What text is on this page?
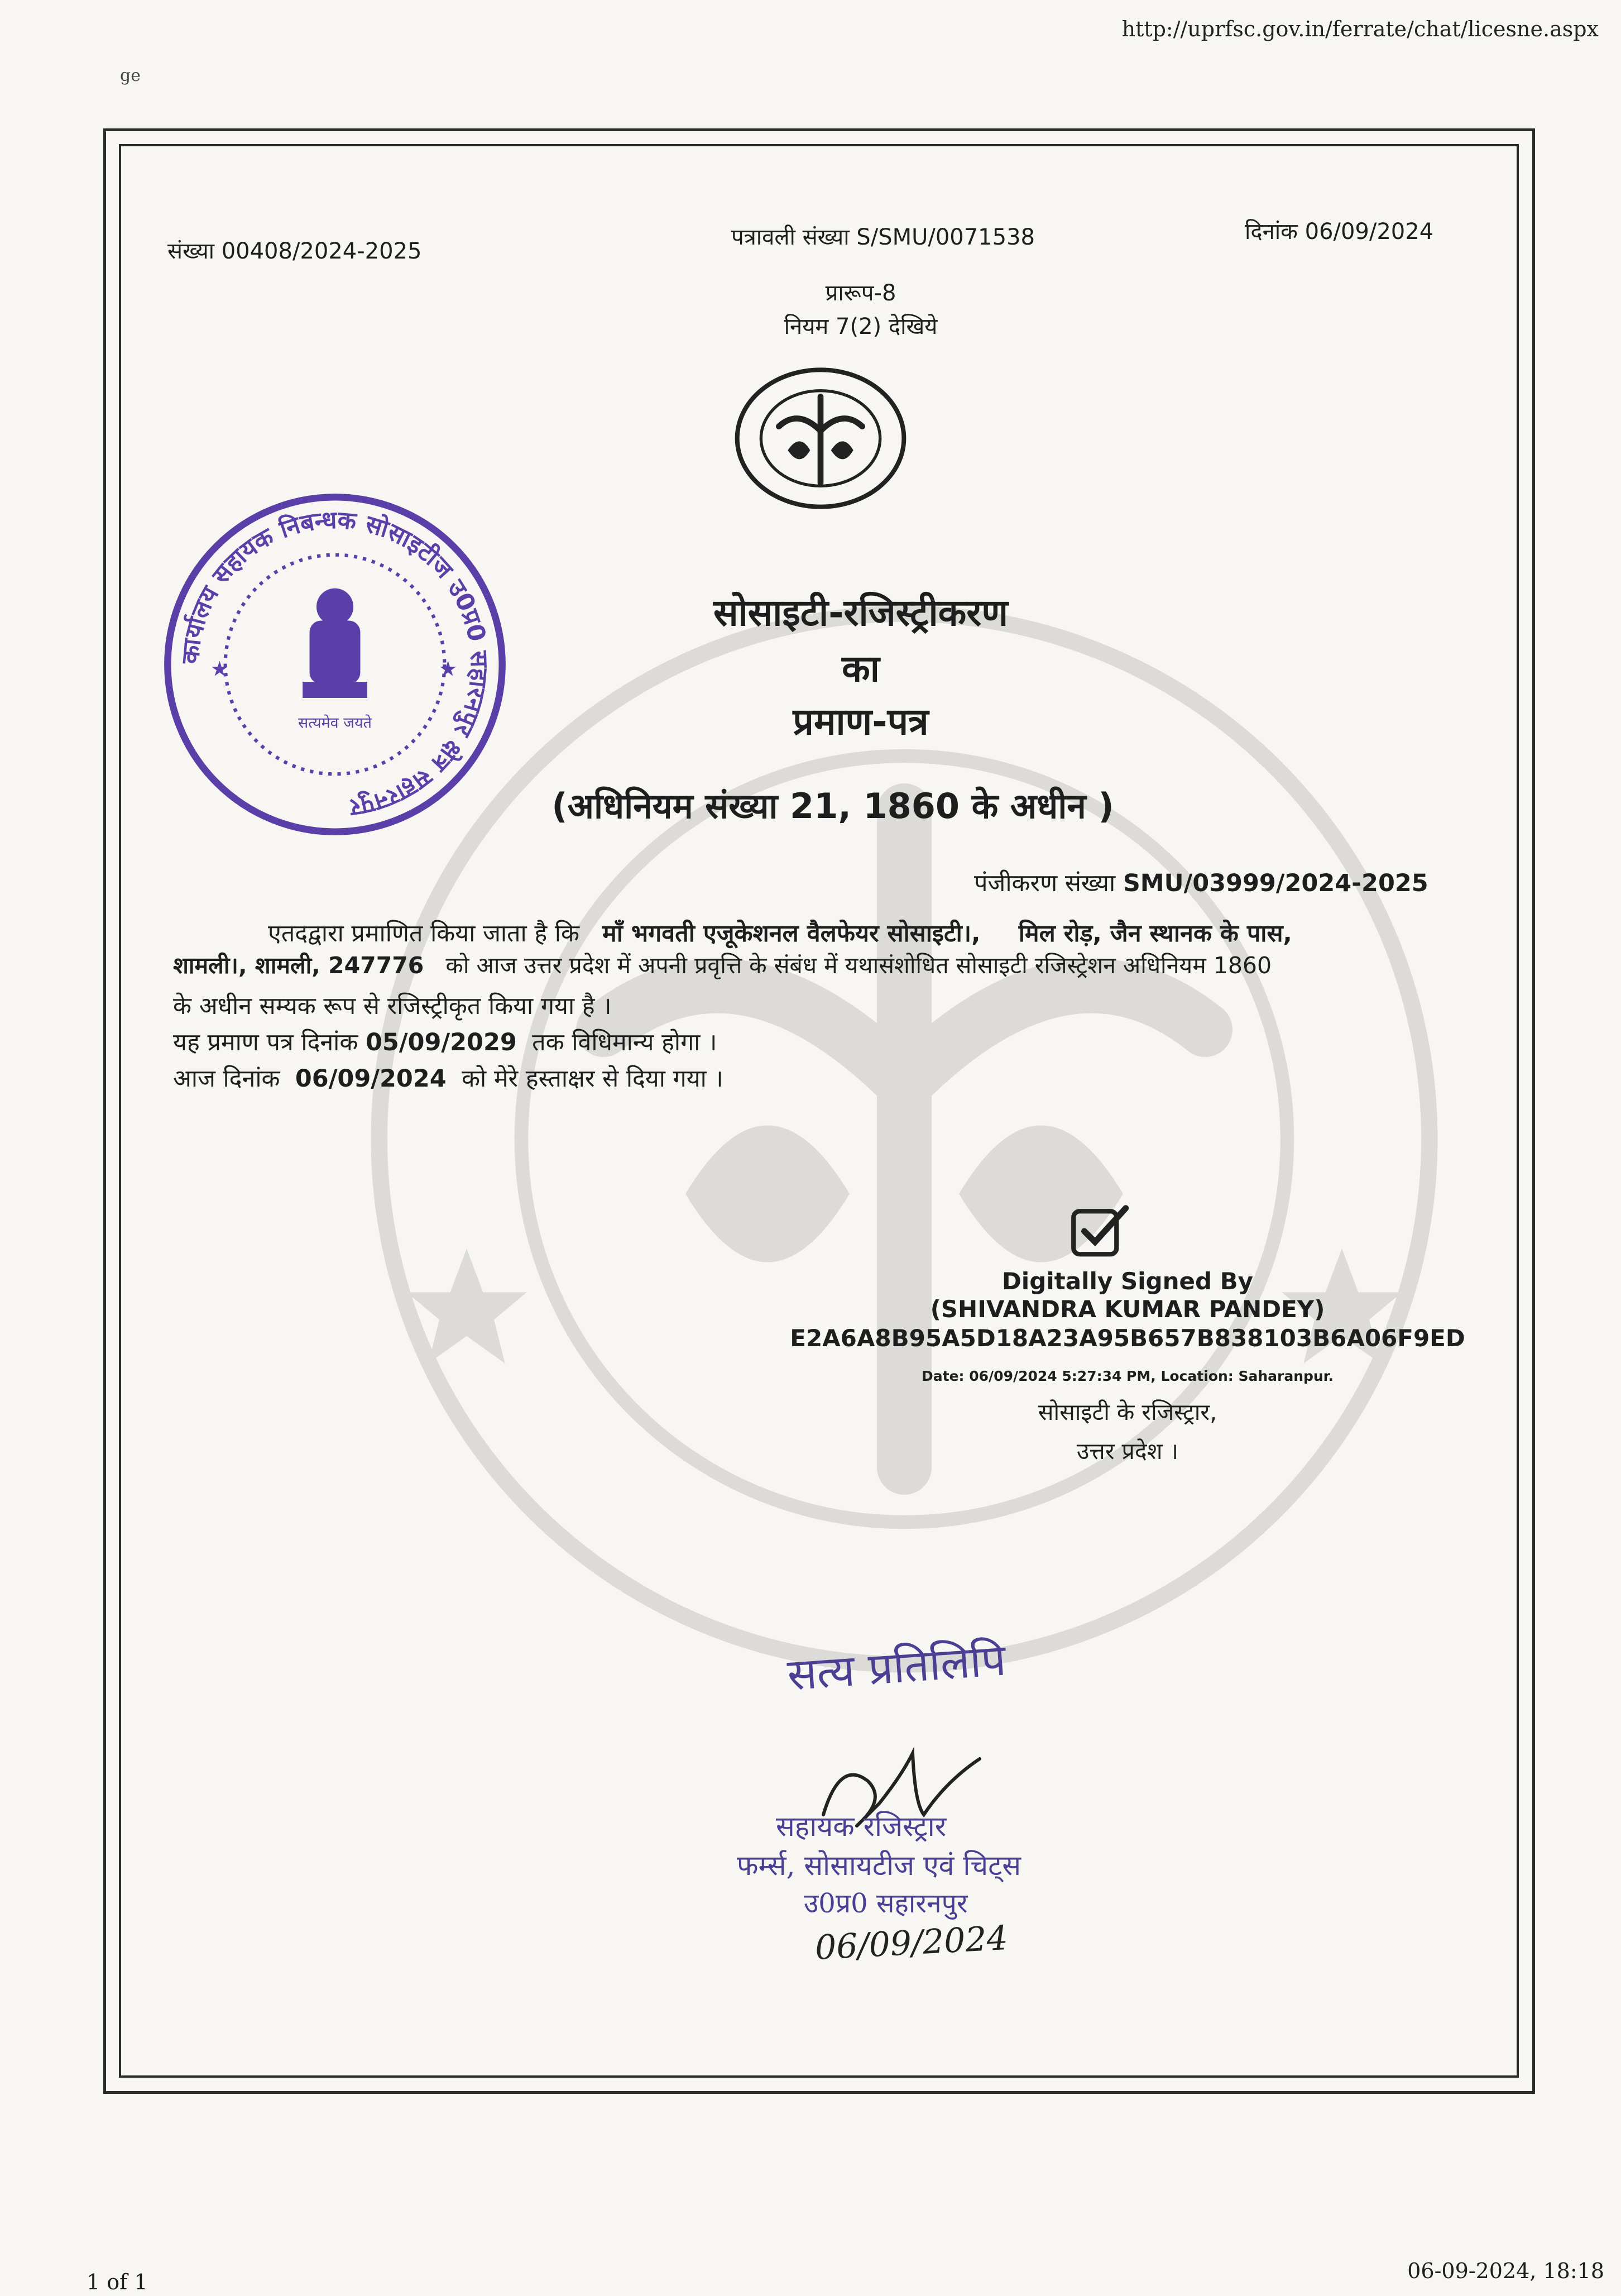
http://uprfsc.gov.in/ferrate/chat/licesne.aspx
ge
संख्या 00408/2024-2025
पत्रावली संख्या S/SMU/0071538	दिनांक 06/09/2024
प्रारूप-8
नियम 7(2) देखिये
कार्यालय सहायक निबन्धक सोसाइटीज उ0प्र0 सहारनपुर क्षेत्र सहारनपुर
सत्यमेव जयते
★	★
सोसाइटी-रजिस्ट्रीकरण
का
प्रमाण-पत्र
(अधिनियम संख्या 21, 1860 के अधीन )
पंजीकरण संख्या SMU/03999/2024-2025
एतदद्वारा प्रमाणित किया जाता है कि माँ भगवती एजूकेशनल वैलफेयर सोसाइटी।, मिल रोड़, जैन स्थानक के पास,
शामली।, शामली, 247776 को आज उत्तर प्रदेश में अपनी प्रवृत्ति के संबंध में यथासंशोधित सोसाइटी रजिस्ट्रेशन अधिनियम 1860
के अधीन सम्यक रूप से रजिस्ट्रीकृत किया गया है ।
यह प्रमाण पत्र दिनांक 05/09/2029 तक विधिमान्य होगा ।
आज दिनांक 06/09/2024 को मेरे हस्ताक्षर से दिया गया ।
Digitally Signed By
(SHIVANDRA KUMAR PANDEY)
E2A6A8B95A5D18A23A95B657B838103B6A06F9ED
Date: 06/09/2024 5:27:34 PM, Location: Saharanpur.
सोसाइटी के रजिस्ट्रार,
उत्तर प्रदेश ।
सत्य प्रतिलिपि
सहायक रजिस्ट्रार
फर्म्स, सोसायटीज एवं चिट्स
उ0प्र0 सहारनपुर
06/09/2024
1 of 1	06-09-2024, 18:18
